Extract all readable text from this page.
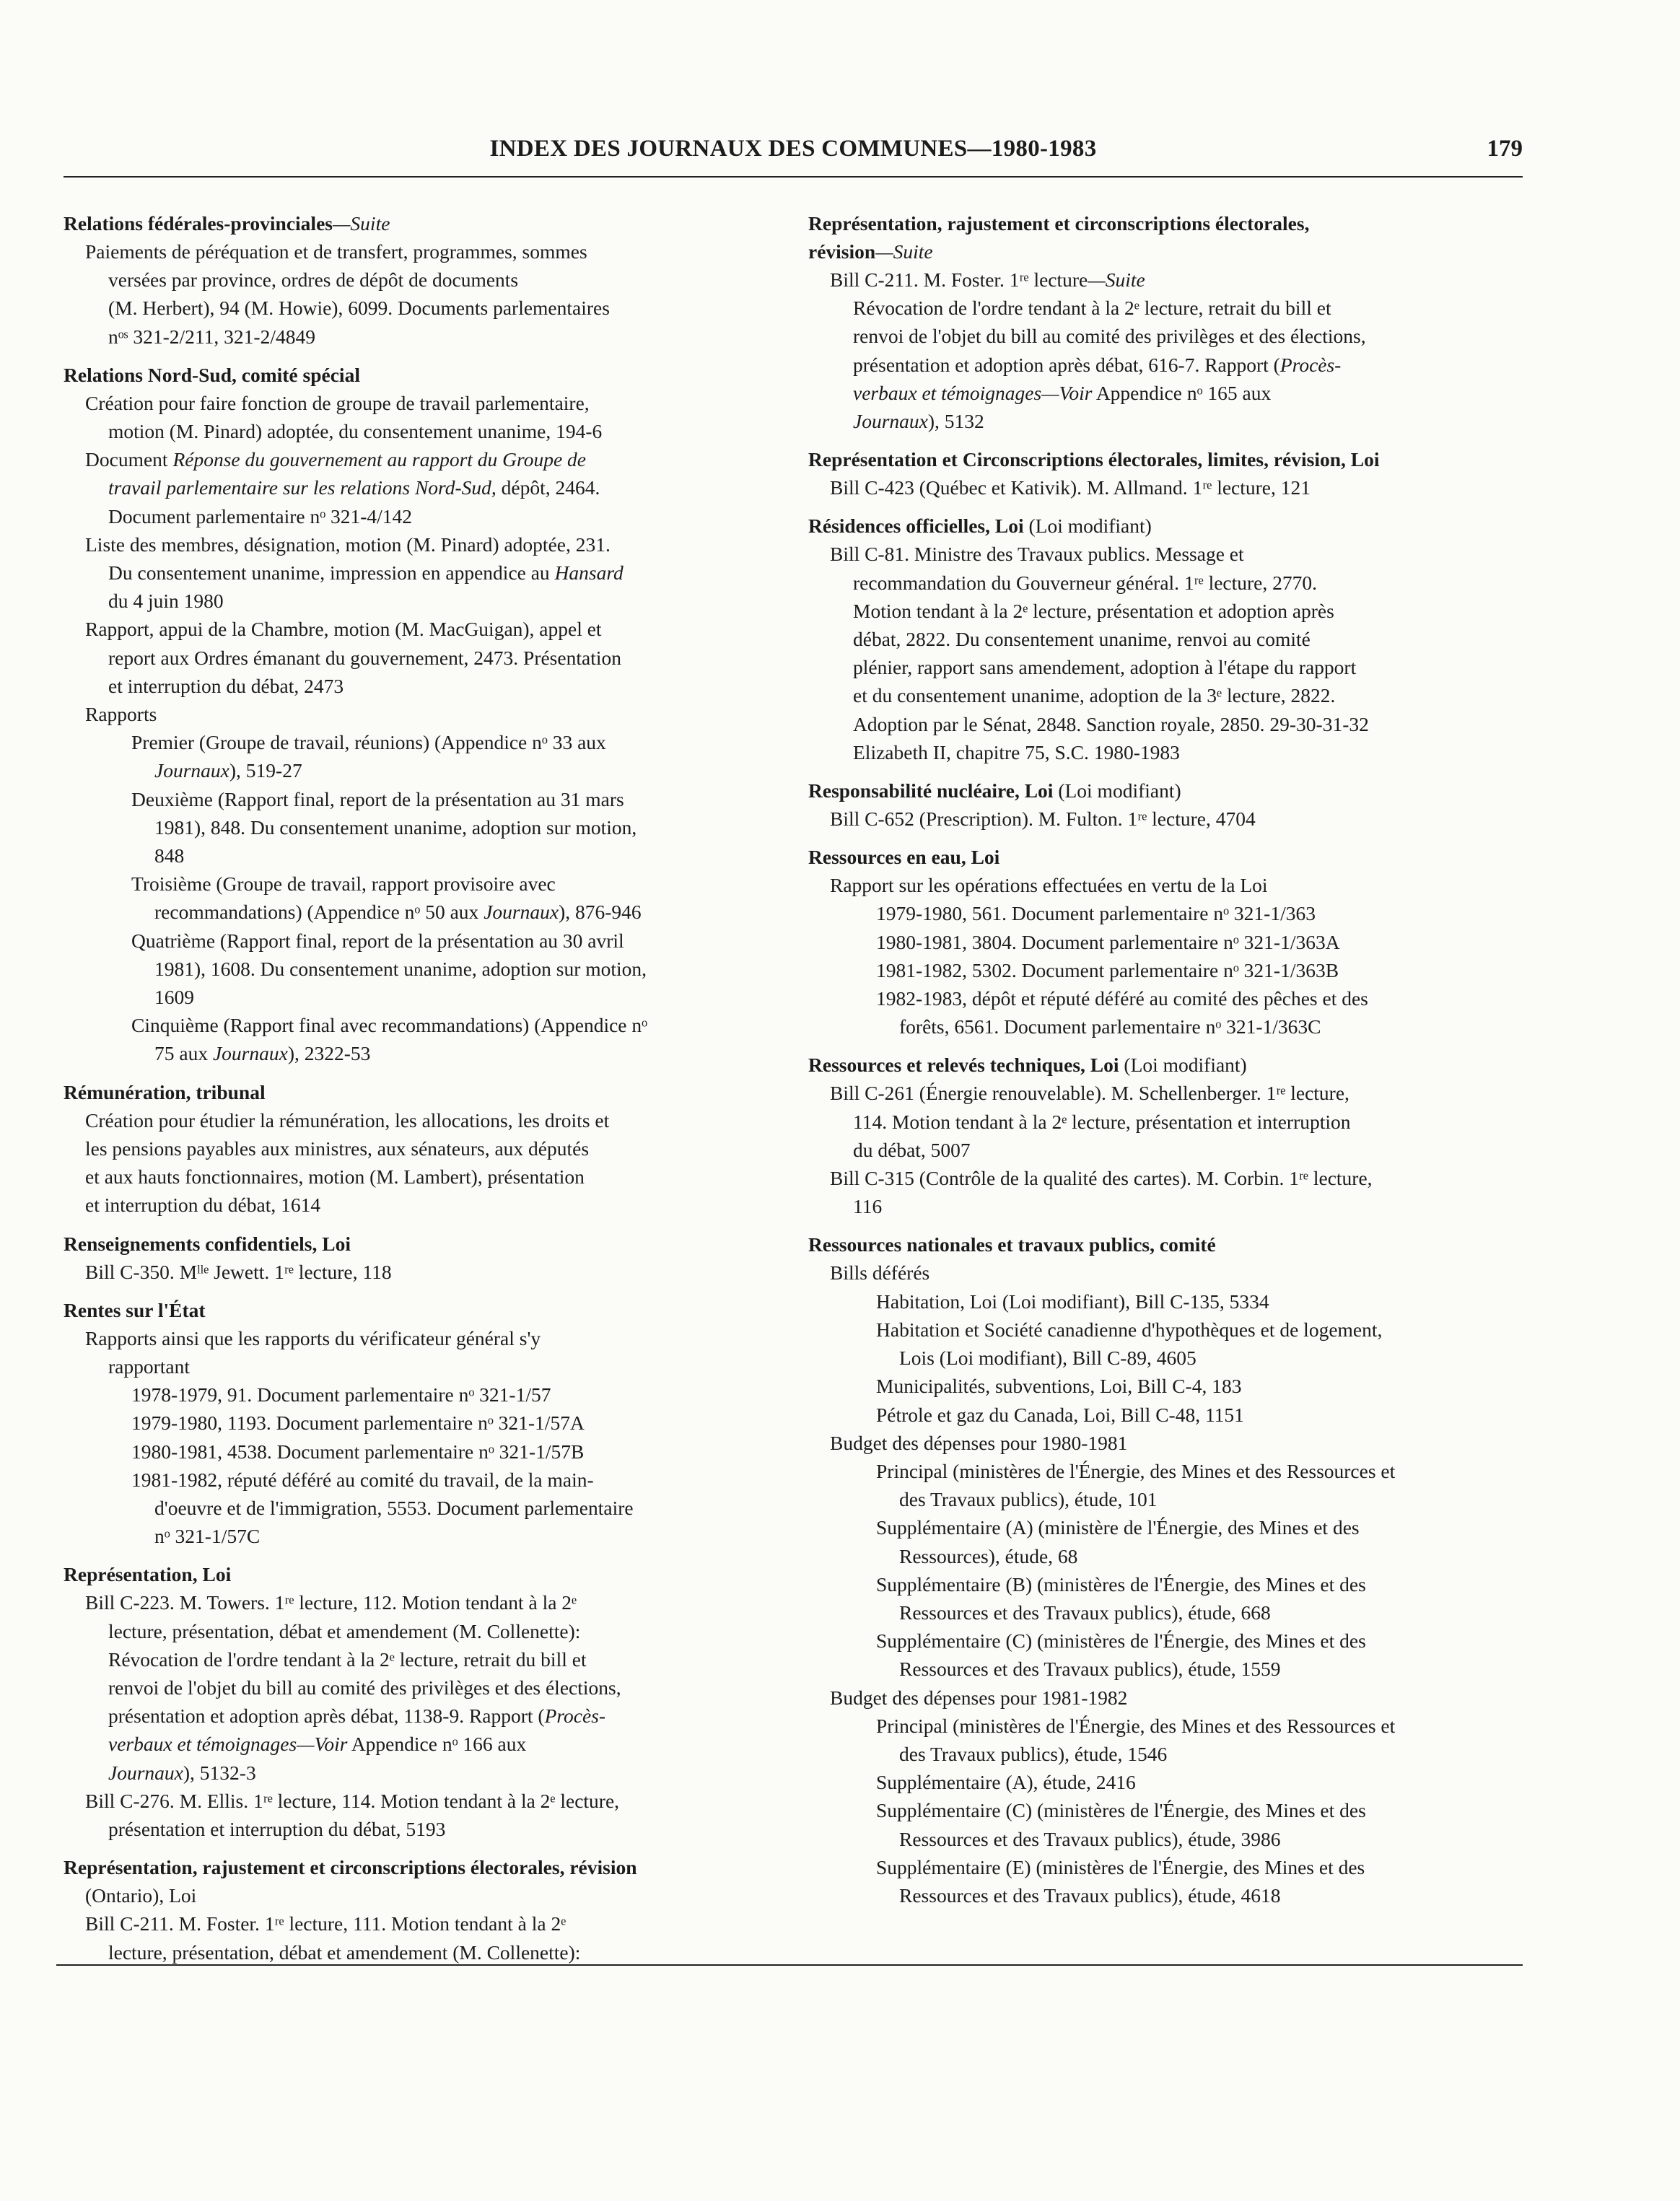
INDEX DES JOURNAUX DES COMMUNES—1980-1983	179
Relations fédérales-provinciales—Suite
Paiements de péréquation et de transfert, programmes, sommes
versées par province, ordres de dépôt de documents
(M. Herbert), 94 (M. Howie), 6099. Documents parlementaires
nᵒˢ 321-2/211, 321-2/4849
Relations Nord-Sud, comité spécial
Création pour faire fonction de groupe de travail parlementaire,
motion (M. Pinard) adoptée, du consentement unanime, 194-6
Document Réponse du gouvernement au rapport du Groupe de
travail parlementaire sur les relations Nord-Sud, dépôt, 2464.
Document parlementaire nᵒ 321-4/142
Liste des membres, désignation, motion (M. Pinard) adoptée, 231.
Du consentement unanime, impression en appendice au Hansard
du 4 juin 1980
Rapport, appui de la Chambre, motion (M. MacGuigan), appel et
report aux Ordres émanant du gouvernement, 2473. Présentation
et interruption du débat, 2473
Rapports
Premier (Groupe de travail, réunions) (Appendice nᵒ 33 aux
Journaux), 519-27
Deuxième (Rapport final, report de la présentation au 31 mars
1981), 848. Du consentement unanime, adoption sur motion,
848
Troisième (Groupe de travail, rapport provisoire avec
recommandations) (Appendice nᵒ 50 aux Journaux), 876-946
Quatrième (Rapport final, report de la présentation au 30 avril
1981), 1608. Du consentement unanime, adoption sur motion,
1609
Cinquième (Rapport final avec recommandations) (Appendice nᵒ
75 aux Journaux), 2322-53
Rémunération, tribunal
Création pour étudier la rémunération, les allocations, les droits et
les pensions payables aux ministres, aux sénateurs, aux députés
et aux hauts fonctionnaires, motion (M. Lambert), présentation
et interruption du débat, 1614
Renseignements confidentiels, Loi
Bill C-350. Mˡˡᵉ Jewett. 1ʳᵉ lecture, 118
Rentes sur l'État
Rapports ainsi que les rapports du vérificateur général s'y
rapportant
1978-1979, 91. Document parlementaire nᵒ 321-1/57
1979-1980, 1193. Document parlementaire nᵒ 321-1/57A
1980-1981, 4538. Document parlementaire nᵒ 321-1/57B
1981-1982, réputé déféré au comité du travail, de la main-
d'oeuvre et de l'immigration, 5553. Document parlementaire
nᵒ 321-1/57C
Représentation, Loi
Bill C-223. M. Towers. 1ʳᵉ lecture, 112. Motion tendant à la 2ᵉ
lecture, présentation, débat et amendement (M. Collenette):
Révocation de l'ordre tendant à la 2ᵉ lecture, retrait du bill et
renvoi de l'objet du bill au comité des privilèges et des élections,
présentation et adoption après débat, 1138-9. Rapport (Procès-
verbaux et témoignages—Voir Appendice nᵒ 166 aux
Journaux), 5132-3
Bill C-276. M. Ellis. 1ʳᵉ lecture, 114. Motion tendant à la 2ᵉ lecture,
présentation et interruption du débat, 5193
Représentation, rajustement et circonscriptions électorales, révision
(Ontario), Loi
Bill C-211. M. Foster. 1ʳᵉ lecture, 111. Motion tendant à la 2ᵉ
lecture, présentation, débat et amendement (M. Collenette):
Représentation, rajustement et circonscriptions électorales,
révision—Suite
Bill C-211. M. Foster. 1ʳᵉ lecture—Suite
Révocation de l'ordre tendant à la 2ᵉ lecture, retrait du bill et
renvoi de l'objet du bill au comité des privilèges et des élections,
présentation et adoption après débat, 616-7. Rapport (Procès-
verbaux et témoignages—Voir Appendice nᵒ 165 aux
Journaux), 5132
Représentation et Circonscriptions électorales, limites, révision, Loi
Bill C-423 (Québec et Kativik). M. Allmand. 1ʳᵉ lecture, 121
Résidences officielles, Loi (Loi modifiant)
Bill C-81. Ministre des Travaux publics. Message et
recommandation du Gouverneur général. 1ʳᵉ lecture, 2770.
Motion tendant à la 2ᵉ lecture, présentation et adoption après
débat, 2822. Du consentement unanime, renvoi au comité
plénier, rapport sans amendement, adoption à l'étape du rapport
et du consentement unanime, adoption de la 3ᵉ lecture, 2822.
Adoption par le Sénat, 2848. Sanction royale, 2850. 29-30-31-32
Elizabeth II, chapitre 75, S.C. 1980-1983
Responsabilité nucléaire, Loi (Loi modifiant)
Bill C-652 (Prescription). M. Fulton. 1ʳᵉ lecture, 4704
Ressources en eau, Loi
Rapport sur les opérations effectuées en vertu de la Loi
1979-1980, 561. Document parlementaire nᵒ 321-1/363
1980-1981, 3804. Document parlementaire nᵒ 321-1/363A
1981-1982, 5302. Document parlementaire nᵒ 321-1/363B
1982-1983, dépôt et réputé déféré au comité des pêches et des
forêts, 6561. Document parlementaire nᵒ 321-1/363C
Ressources et relevés techniques, Loi (Loi modifiant)
Bill C-261 (Énergie renouvelable). M. Schellenberger. 1ʳᵉ lecture,
114. Motion tendant à la 2ᵉ lecture, présentation et interruption
du débat, 5007
Bill C-315 (Contrôle de la qualité des cartes). M. Corbin. 1ʳᵉ lecture,
116
Ressources nationales et travaux publics, comité
Bills déférés
Habitation, Loi (Loi modifiant), Bill C-135, 5334
Habitation et Société canadienne d'hypothèques et de logement,
Lois (Loi modifiant), Bill C-89, 4605
Municipalités, subventions, Loi, Bill C-4, 183
Pétrole et gaz du Canada, Loi, Bill C-48, 1151
Budget des dépenses pour 1980-1981
Principal (ministères de l'Énergie, des Mines et des Ressources et
des Travaux publics), étude, 101
Supplémentaire (A) (ministère de l'Énergie, des Mines et des
Ressources), étude, 68
Supplémentaire (B) (ministères de l'Énergie, des Mines et des
Ressources et des Travaux publics), étude, 668
Supplémentaire (C) (ministères de l'Énergie, des Mines et des
Ressources et des Travaux publics), étude, 1559
Budget des dépenses pour 1981-1982
Principal (ministères de l'Énergie, des Mines et des Ressources et
des Travaux publics), étude, 1546
Supplémentaire (A), étude, 2416
Supplémentaire (C) (ministères de l'Énergie, des Mines et des
Ressources et des Travaux publics), étude, 3986
Supplémentaire (E) (ministères de l'Énergie, des Mines et des
Ressources et des Travaux publics), étude, 4618
